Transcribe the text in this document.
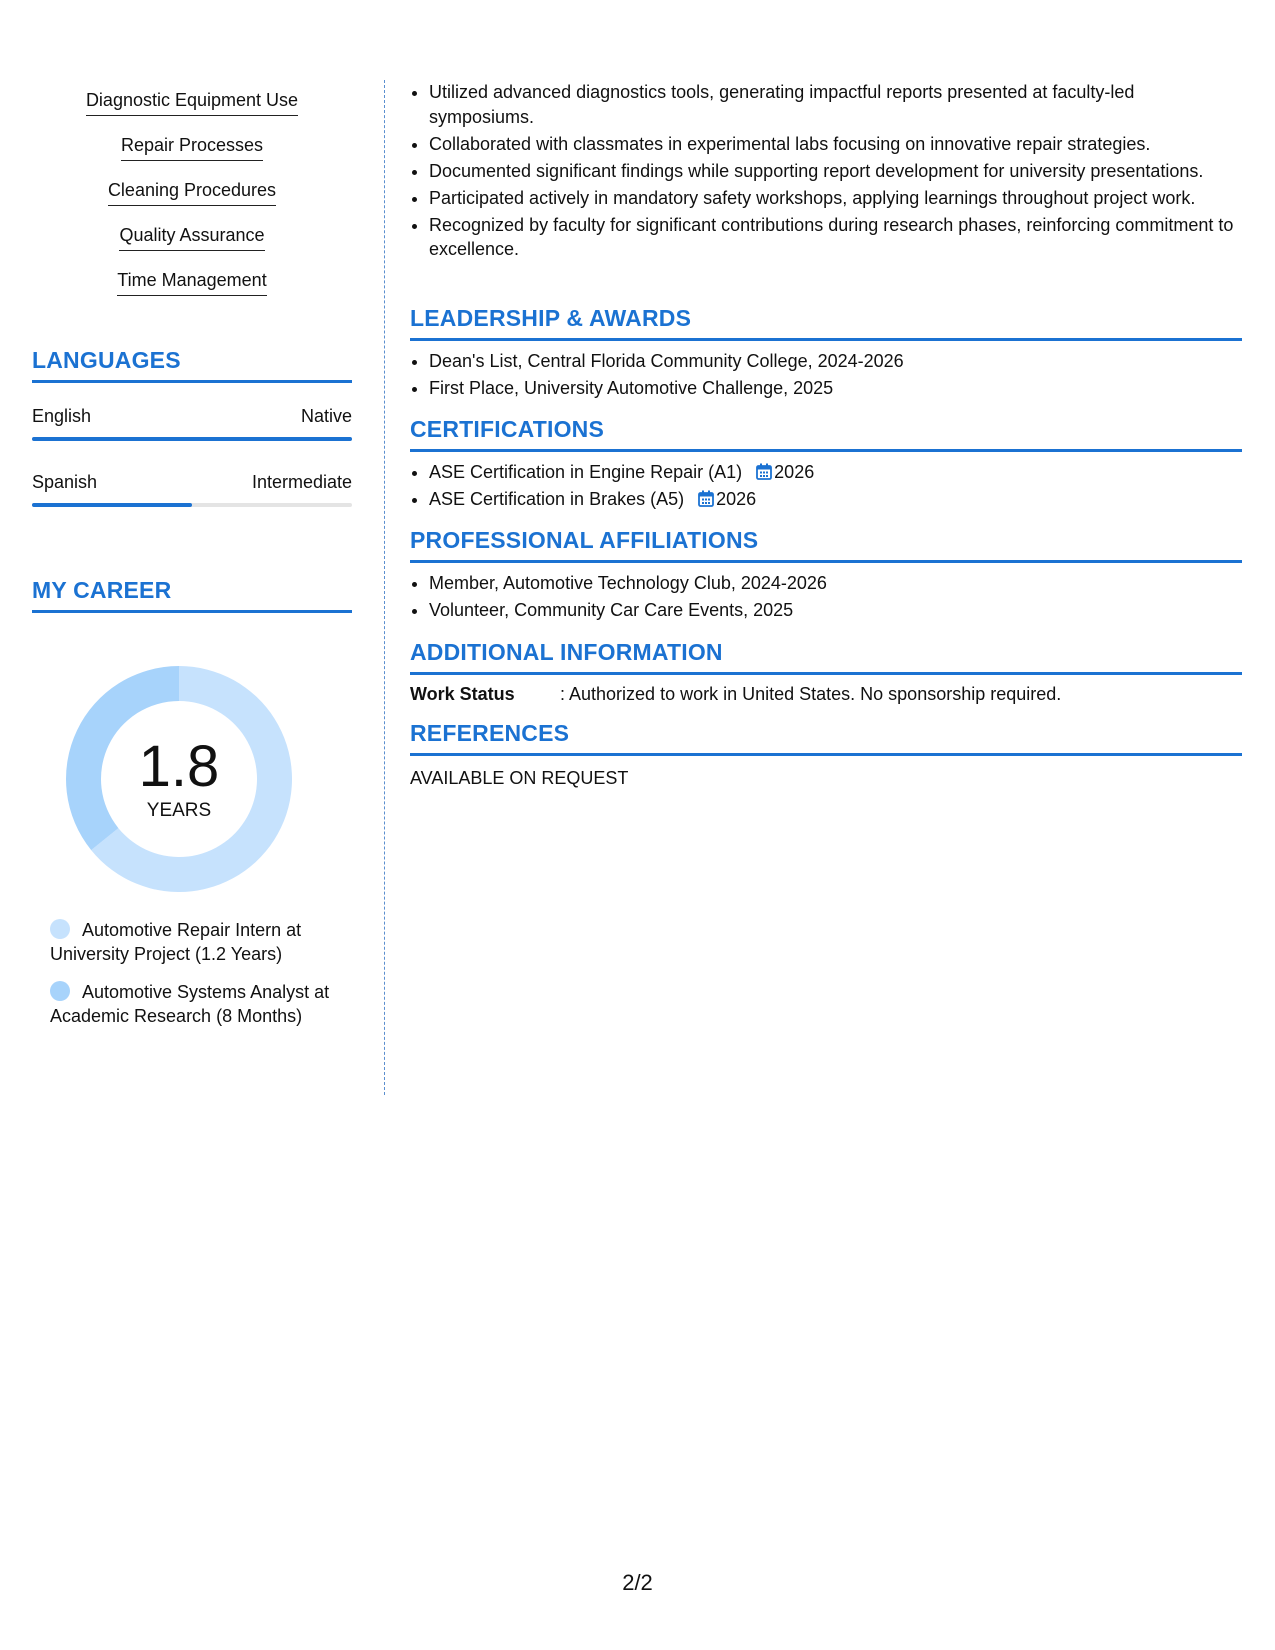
Diagnostic Equipment Use
Repair Processes
Cleaning Procedures
Quality Assurance
Time Management
LANGUAGES
English	Native
Spanish	Intermediate
MY CAREER
1.8
YEARS
Automotive Repair Intern at University Project (1.2 Years)
Automotive Systems Analyst at Academic Research (8 Months)
• Utilized advanced diagnostics tools, generating impactful reports presented at faculty-led symposiums.
• Collaborated with classmates in experimental labs focusing on innovative repair strategies.
• Documented significant findings while supporting report development for university presentations.
• Participated actively in mandatory safety workshops, applying learnings throughout project work.
• Recognized by faculty for significant contributions during research phases, reinforcing commitment to excellence.
LEADERSHIP & AWARDS
• Dean's List, Central Florida Community College, 2024-2026
• First Place, University Automotive Challenge, 2025
CERTIFICATIONS
• ASE Certification in Engine Repair (A1) 2026
• ASE Certification in Brakes (A5) 2026
PROFESSIONAL AFFILIATIONS
• Member, Automotive Technology Club, 2024-2026
• Volunteer, Community Car Care Events, 2025
ADDITIONAL INFORMATION
Work Status	: Authorized to work in United States. No sponsorship required.
REFERENCES
AVAILABLE ON REQUEST
2/2
